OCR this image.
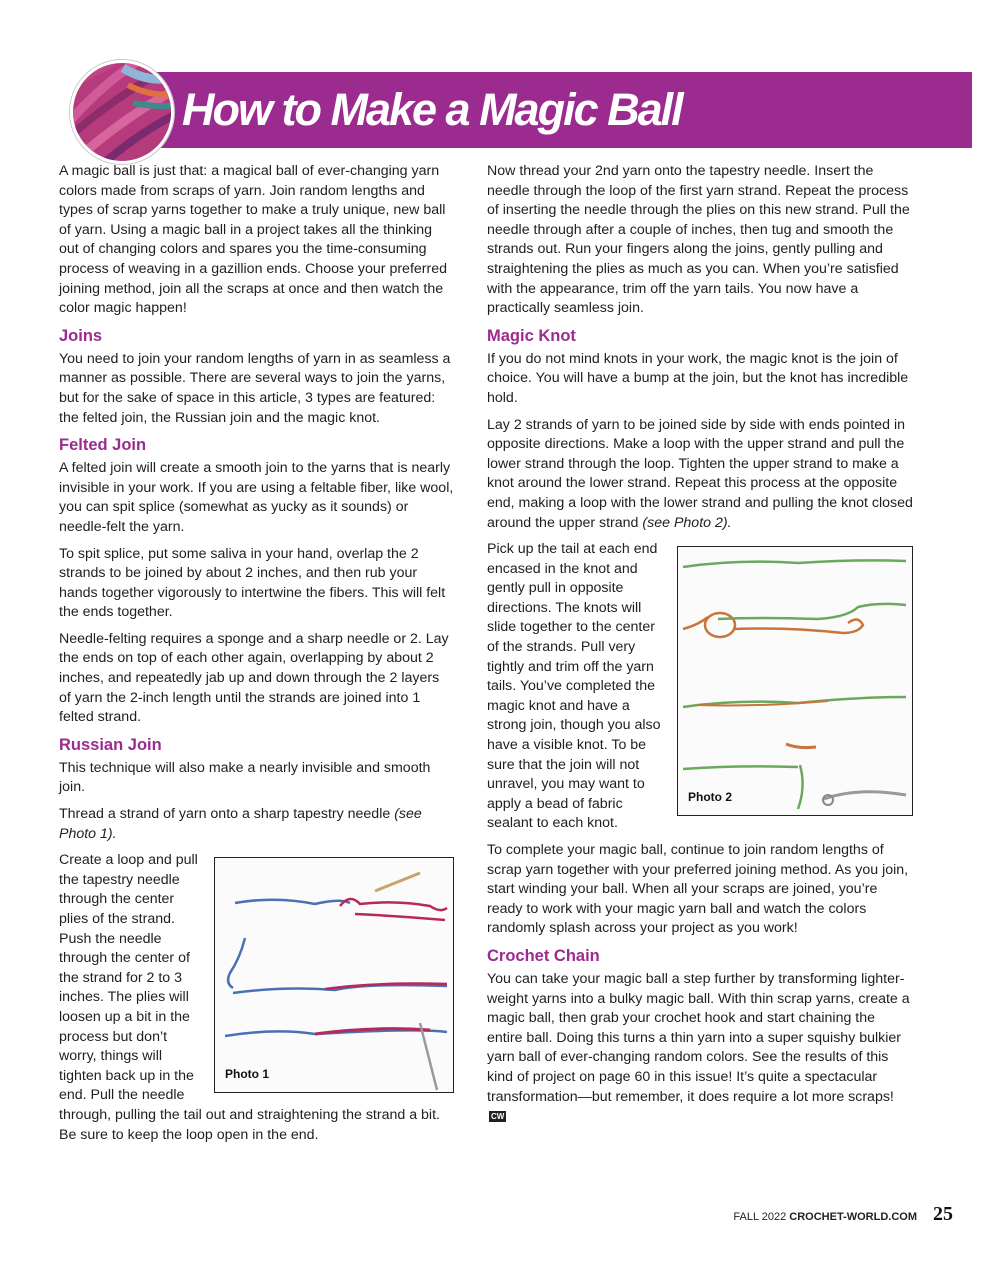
How to Make a Magic Ball

A magic ball is just that: a magical ball of ever-changing yarn colors made from scraps of yarn. Join random lengths and types of scrap yarns together to make a truly unique, new ball of yarn. Using a magic ball in a project takes all the thinking out of changing colors and spares you the time-consuming process of weaving in a gazillion ends. Choose your preferred joining method, join all the scraps at once and then watch the color magic happen!

Joins

You need to join your random lengths of yarn in as seamless a manner as possible. There are several ways to join the yarns, but for the sake of space in this article, 3 types are featured: the felted join, the Russian join and the magic knot.

Felted Join

A felted join will create a smooth join to the yarns that is nearly invisible in your work. If you are using a feltable fiber, like wool, you can spit splice (somewhat as yucky as it sounds) or needle-felt the yarn.

To spit splice, put some saliva in your hand, overlap the 2 strands to be joined by about 2 inches, and then rub your hands together vigorously to intertwine the fibers. This will felt the ends together.

Needle-felting requires a sponge and a sharp needle or 2. Lay the ends on top of each other again, overlapping by about 2 inches, and repeatedly jab up and down through the 2 layers of yarn the 2-inch length until the strands are joined into 1 felted strand.

Russian Join

This technique will also make a nearly invisible and smooth join.

Thread a strand of yarn onto a sharp tapestry needle (see Photo 1).

Photo 1

Create a loop and pull the tapestry needle through the center plies of the strand. Push the needle through the center of the strand for 2 to 3 inches. The plies will loosen up a bit in the process but don’t worry, things will tighten back up in the end. Pull the needle through, pulling the tail out and straightening the strand a bit. Be sure to keep the loop open in the end.

Now thread your 2nd yarn onto the tapestry needle. Insert the needle through the loop of the first yarn strand. Repeat the process of inserting the needle through the plies on this new strand. Pull the needle through after a couple of inches, then tug and smooth the strands out. Run your fingers along the joins, gently pulling and straightening the plies as much as you can. When you’re satisfied with the appearance, trim off the yarn tails. You now have a practically seamless join.

Magic Knot

If you do not mind knots in your work, the magic knot is the join of choice. You will have a bump at the join, but the knot has incredible hold.

Lay 2 strands of yarn to be joined side by side with ends pointed in opposite directions. Make a loop with the upper strand and pull the lower strand through the loop. Tighten the upper strand to make a knot around the lower strand. Repeat this process at the opposite end, making a loop with the lower strand and pulling the knot closed around the upper strand (see Photo 2).

Photo 2

Pick up the tail at each end encased in the knot and gently pull in opposite directions. The knots will slide together to the center of the strands. Pull very tightly and trim off the yarn tails. You’ve completed the magic knot and have a strong join, though you also have a visible knot. To be sure that the join will not unravel, you may want to apply a bead of fabric sealant to each knot.

To complete your magic ball, continue to join random lengths of scrap yarn together with your preferred joining method. As you join, start winding your ball. When all your scraps are joined, you’re ready to work with your magic yarn ball and watch the colors randomly splash across your project as you work!

Crochet Chain

You can take your magic ball a step further by transforming lighter-weight yarns into a bulky magic ball. With thin scrap yarns, create a magic ball, then grab your crochet hook and start chaining the entire ball. Doing this turns a thin yarn into a super squishy bulkier yarn ball of ever-changing random colors. See the results of this kind of project on page 60 in this issue! It’s quite a spectacular transformation—but remember, it does require a lot more scraps!CW

FALL 2022 CROCHET-WORLD.COM 25
